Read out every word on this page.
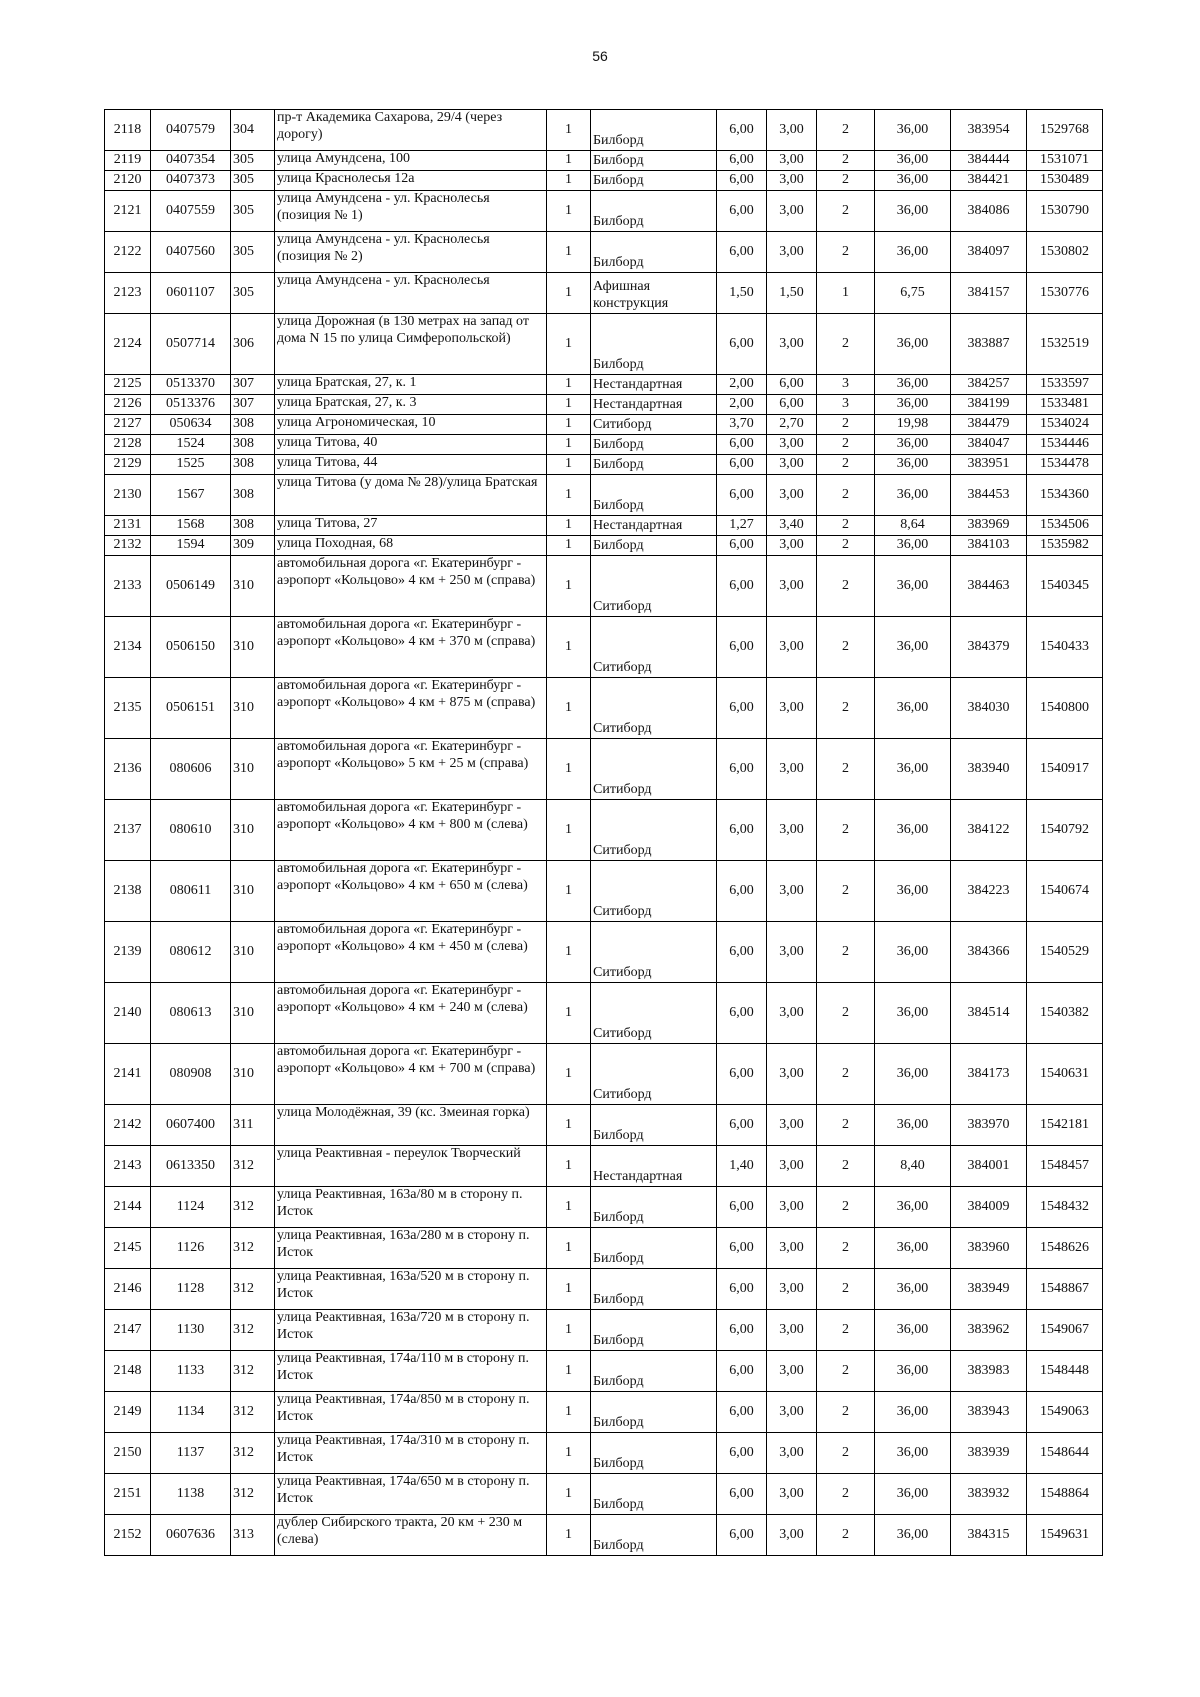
56
2118	0407579	304	пр-т Академика Сахарова, 29/4 (через дорогу)	1	Билборд	6,00	3,00	2	36,00	383954	1529768
2119	0407354	305	улица Амундсена, 100	1	Билборд	6,00	3,00	2	36,00	384444	1531071
2120	0407373	305	улица Краснолесья 12а	1	Билборд	6,00	3,00	2	36,00	384421	1530489
2121	0407559	305	улица Амундсена - ул. Краснолесья (позиция № 1)	1	Билборд	6,00	3,00	2	36,00	384086	1530790
2122	0407560	305	улица Амундсена - ул. Краснолесья (позиция № 2)	1	Билборд	6,00	3,00	2	36,00	384097	1530802
2123	0601107	305	улица Амундсена - ул. Краснолесья	1	Афишная конструкция	1,50	1,50	1	6,75	384157	1530776
2124	0507714	306	улица Дорожная (в 130 метрах на запад от дома N 15 по улица Симферопольской)	1	Билборд	6,00	3,00	2	36,00	383887	1532519
2125	0513370	307	улица Братская, 27, к. 1	1	Нестандартная	2,00	6,00	3	36,00	384257	1533597
2126	0513376	307	улица Братская, 27, к. 3	1	Нестандартная	2,00	6,00	3	36,00	384199	1533481
2127	050634	308	улица Агрономическая, 10	1	Ситиборд	3,70	2,70	2	19,98	384479	1534024
2128	1524	308	улица Титова, 40	1	Билборд	6,00	3,00	2	36,00	384047	1534446
2129	1525	308	улица Титова, 44	1	Билборд	6,00	3,00	2	36,00	383951	1534478
2130	1567	308	улица Титова (у дома № 28)/улица Братская	1	Билборд	6,00	3,00	2	36,00	384453	1534360
2131	1568	308	улица Титова, 27	1	Нестандартная	1,27	3,40	2	8,64	383969	1534506
2132	1594	309	улица Походная, 68	1	Билборд	6,00	3,00	2	36,00	384103	1535982
2133	0506149	310	автомобильная дорога «г. Екатеринбург - аэропорт «Кольцово» 4 км + 250 м (справа)	1	Ситиборд	6,00	3,00	2	36,00	384463	1540345
2134	0506150	310	автомобильная дорога «г. Екатеринбург - аэропорт «Кольцово» 4 км + 370 м (справа)	1	Ситиборд	6,00	3,00	2	36,00	384379	1540433
2135	0506151	310	автомобильная дорога «г. Екатеринбург - аэропорт «Кольцово» 4 км + 875 м (справа)	1	Ситиборд	6,00	3,00	2	36,00	384030	1540800
2136	080606	310	автомобильная дорога «г. Екатеринбург - аэропорт «Кольцово» 5 км + 25 м (справа)	1	Ситиборд	6,00	3,00	2	36,00	383940	1540917
2137	080610	310	автомобильная дорога «г. Екатеринбург - аэропорт «Кольцово» 4 км + 800 м (слева)	1	Ситиборд	6,00	3,00	2	36,00	384122	1540792
2138	080611	310	автомобильная дорога «г. Екатеринбург - аэропорт «Кольцово» 4 км + 650 м (слева)	1	Ситиборд	6,00	3,00	2	36,00	384223	1540674
2139	080612	310	автомобильная дорога «г. Екатеринбург - аэропорт «Кольцово» 4 км + 450 м (слева)	1	Ситиборд	6,00	3,00	2	36,00	384366	1540529
2140	080613	310	автомобильная дорога «г. Екатеринбург - аэропорт «Кольцово» 4 км + 240 м (слева)	1	Ситиборд	6,00	3,00	2	36,00	384514	1540382
2141	080908	310	автомобильная дорога «г. Екатеринбург - аэропорт «Кольцово» 4 км + 700 м (справа)	1	Ситиборд	6,00	3,00	2	36,00	384173	1540631
2142	0607400	311	улица Молодёжная, 39 (кс. Змеиная горка)	1	Билборд	6,00	3,00	2	36,00	383970	1542181
2143	0613350	312	улица Реактивная - переулок Творческий	1	Нестандартная	1,40	3,00	2	8,40	384001	1548457
2144	1124	312	улица Реактивная, 163а/80 м в сторону п. Исток	1	Билборд	6,00	3,00	2	36,00	384009	1548432
2145	1126	312	улица Реактивная, 163а/280 м в сторону п. Исток	1	Билборд	6,00	3,00	2	36,00	383960	1548626
2146	1128	312	улица Реактивная, 163а/520 м в сторону п. Исток	1	Билборд	6,00	3,00	2	36,00	383949	1548867
2147	1130	312	улица Реактивная, 163а/720 м в сторону п. Исток	1	Билборд	6,00	3,00	2	36,00	383962	1549067
2148	1133	312	улица Реактивная, 174а/110 м в сторону п. Исток	1	Билборд	6,00	3,00	2	36,00	383983	1548448
2149	1134	312	улица Реактивная, 174а/850 м в сторону п. Исток	1	Билборд	6,00	3,00	2	36,00	383943	1549063
2150	1137	312	улица Реактивная, 174а/310 м в сторону п. Исток	1	Билборд	6,00	3,00	2	36,00	383939	1548644
2151	1138	312	улица Реактивная, 174а/650 м в сторону п. Исток	1	Билборд	6,00	3,00	2	36,00	383932	1548864
2152	0607636	313	дублер Сибирского тракта, 20 км + 230 м (слева)	1	Билборд	6,00	3,00	2	36,00	384315	1549631
